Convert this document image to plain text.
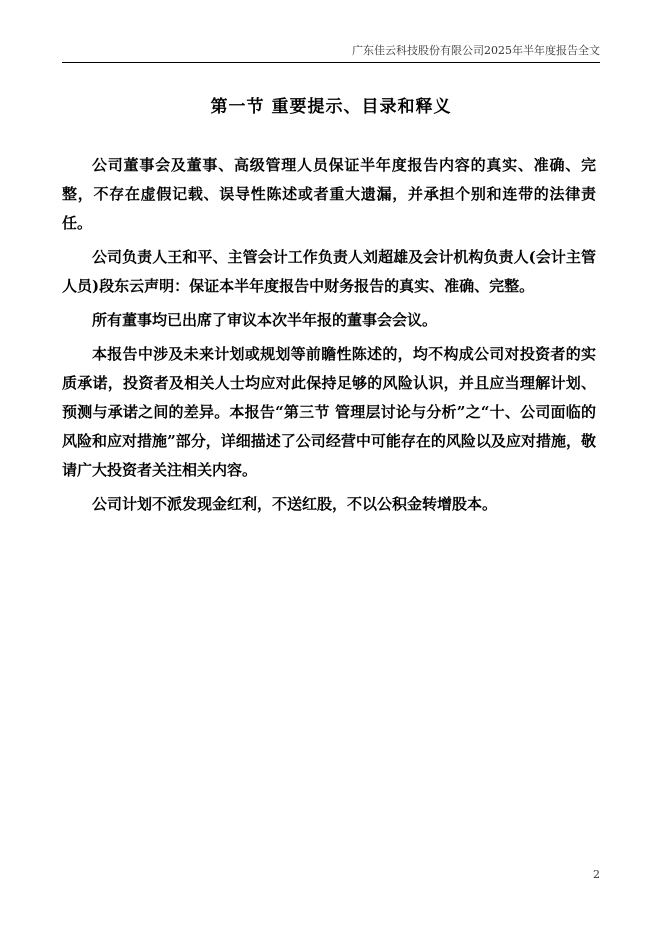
广东佳云科技股份有限公司2025年半年度报告全文
第一节 重要提示、目录和释义

公司董事会及董事、高级管理人员保证半年度报告内容的真实、准确、完整，不存在虚假记载、误导性陈述或者重大遗漏，并承担个别和连带的法律责任。

公司负责人王和平、主管会计工作负责人刘超雄及会计机构负责人(会计主管人员)段东云声明：保证本半年度报告中财务报告的真实、准确、完整。

所有董事均已出席了审议本次半年报的董事会会议。

本报告中涉及未来计划或规划等前瞻性陈述的，均不构成公司对投资者的实质承诺，投资者及相关人士均应对此保持足够的风险认识，并且应当理解计划、预测与承诺之间的差异。本报告“第三节 管理层讨论与分析”之“十、公司面临的风险和应对措施”部分，详细描述了公司经营中可能存在的风险以及应对措施，敬请广大投资者关注相关内容。

公司计划不派发现金红利，不送红股，不以公积金转增股本。

2
